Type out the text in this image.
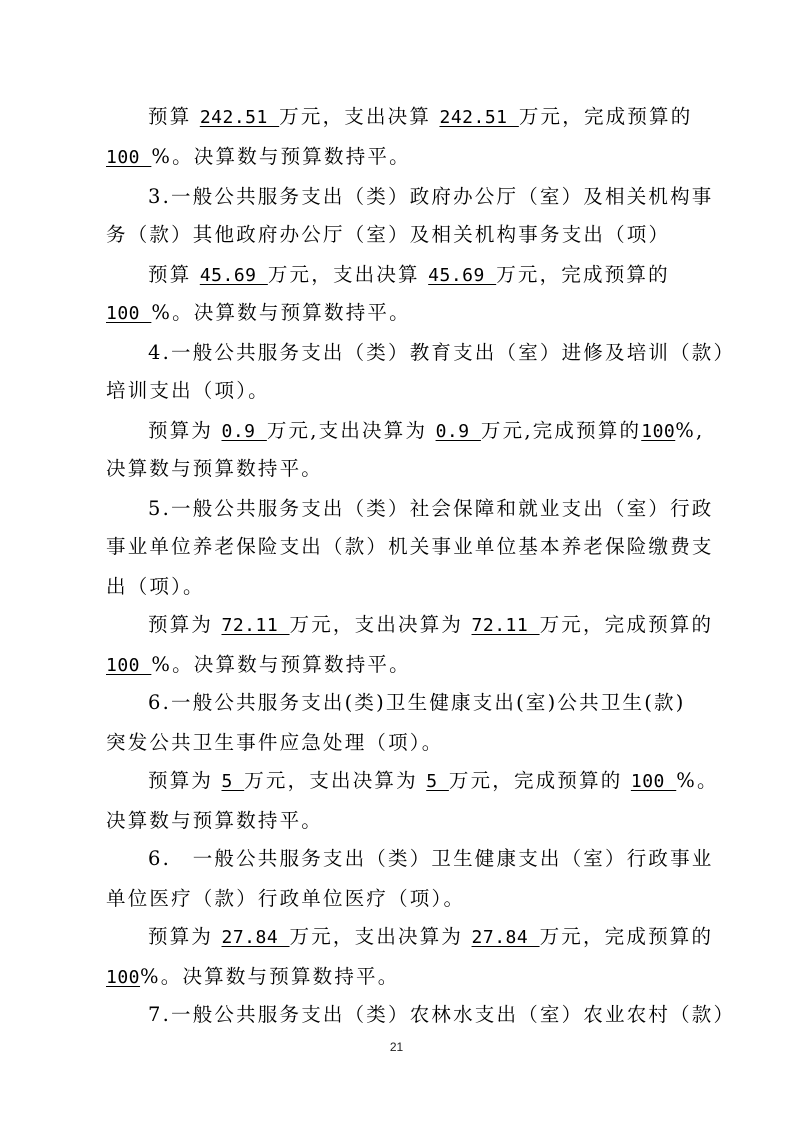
预算 242.51 万元，支出决算 242.51 万元，完成预算的
100 %。决算数与预算数持平。
3.一般公共服务支出（类）政府办公厅（室）及相关机构事
务（款）其他政府办公厅（室）及相关机构事务支出（项）
预算 45.69 万元，支出决算 45.69 万元，完成预算的
100 %。决算数与预算数持平。
4.一般公共服务支出（类）教育支出（室）进修及培训（款）
培训支出（项）。
预算为 0.9 万元,支出决算为 0.9 万元,完成预算的100%,
决算数与预算数持平。
5.一般公共服务支出（类）社会保障和就业支出（室）行政
事业单位养老保险支出（款）机关事业单位基本养老保险缴费支
出（项）。
预算为 72.11 万元，支出决算为 72.11 万元，完成预算的
100 %。决算数与预算数持平。
6.一般公共服务支出(类)卫生健康支出(室)公共卫生(款)
突发公共卫生事件应急处理（项）。
预算为 5 万元，支出决算为 5 万元，完成预算的 100 %。
决算数与预算数持平。
6.　一般公共服务支出（类）卫生健康支出（室）行政事业
单位医疗（款）行政单位医疗（项）。
预算为 27.84 万元，支出决算为 27.84 万元，完成预算的
100%。决算数与预算数持平。
7.一般公共服务支出（类）农林水支出（室）农业农村（款）
21
